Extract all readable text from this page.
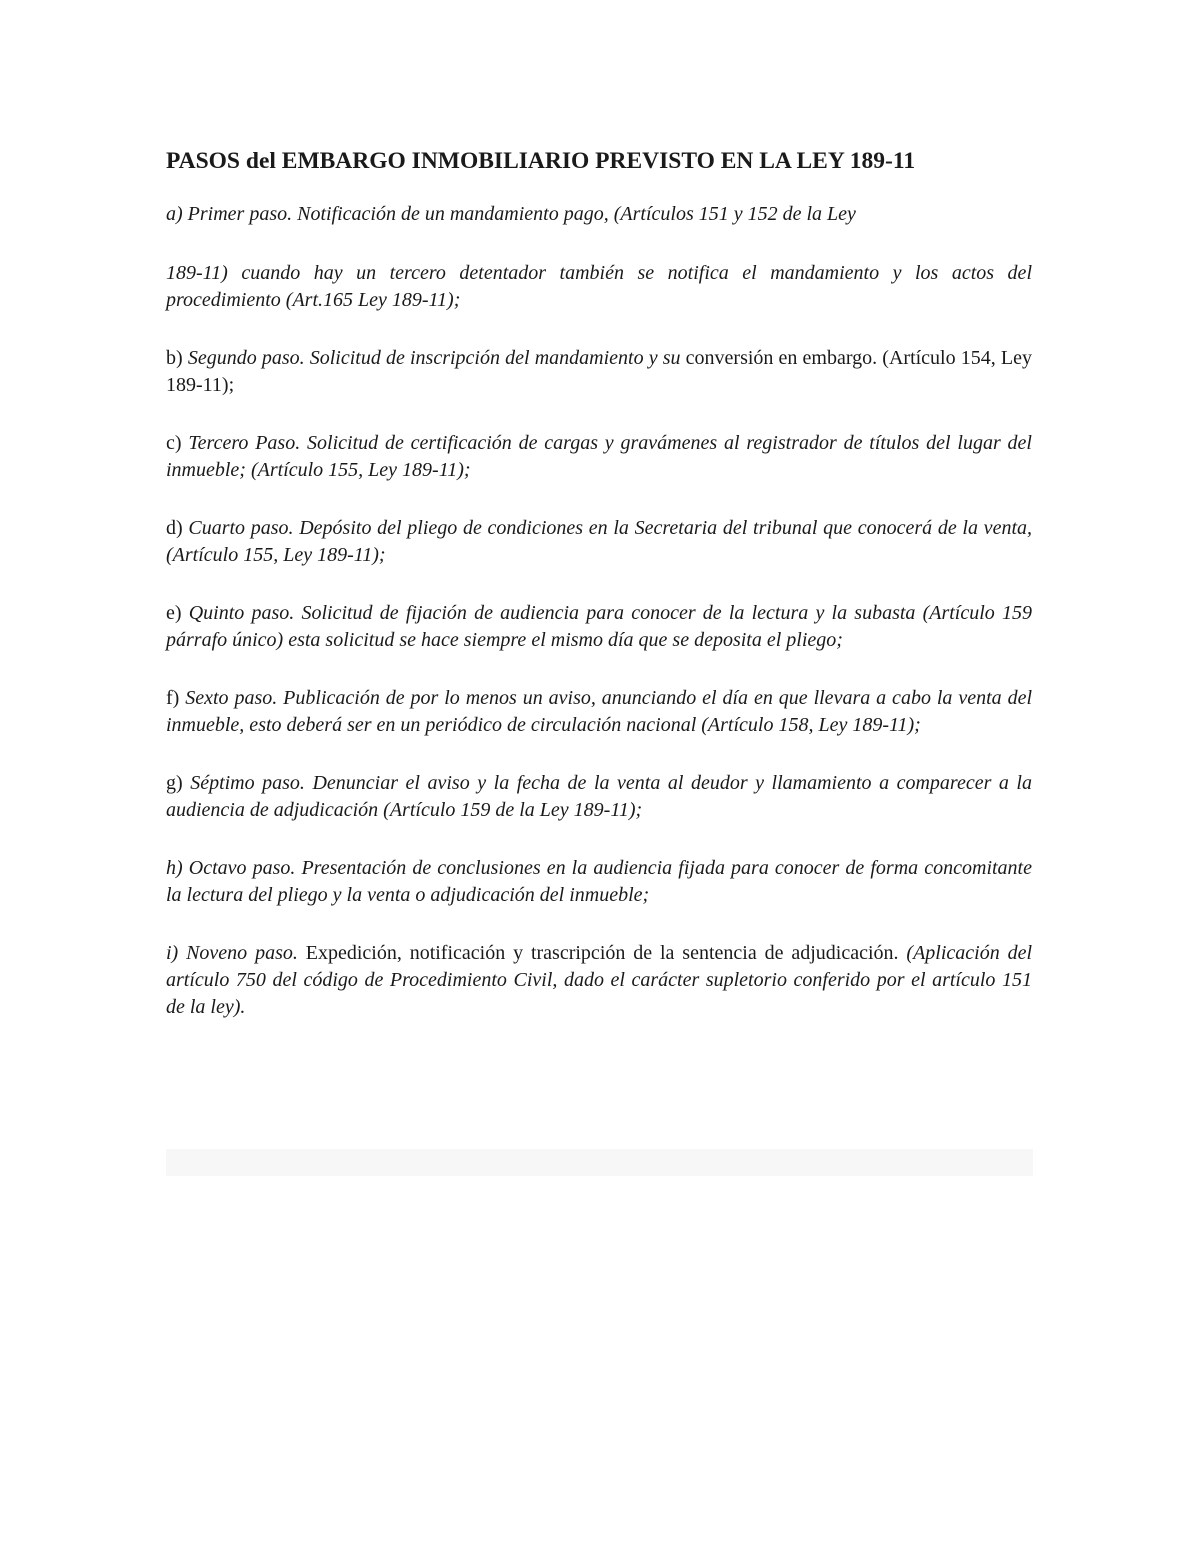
PASOS del EMBARGO INMOBILIARIO PREVISTO EN LA LEY 189-11

a) Primer paso. Notificación de un mandamiento pago, (Artículos 151 y 152 de la Ley

189-11) cuando hay un tercero detentador también se notifica el mandamiento y los actos del procedimiento (Art.165 Ley 189-11);

b) Segundo paso. Solicitud de inscripción del mandamiento y su conversión en embargo. (Artículo 154, Ley 189-11);

c) Tercero Paso. Solicitud de certificación de cargas y gravámenes al registrador de títulos del lugar del inmueble; (Artículo 155, Ley 189-11);

d) Cuarto paso. Depósito del pliego de condiciones en la Secretaria del tribunal que conocerá de la venta, (Artículo 155, Ley 189-11);

e) Quinto paso. Solicitud de fijación de audiencia para conocer de la lectura y la subasta (Artículo 159 párrafo único) esta solicitud se hace siempre el mismo día que se deposita el pliego;

f) Sexto paso. Publicación de por lo menos un aviso, anunciando el día en que llevara a cabo la venta del inmueble, esto deberá ser en un periódico de circulación nacional (Artículo 158, Ley 189-11);

g) Séptimo paso. Denunciar el aviso y la fecha de la venta al deudor y llamamiento a comparecer a la audiencia de adjudicación (Artículo 159 de la Ley 189-11);

h) Octavo paso. Presentación de conclusiones en la audiencia fijada para conocer de forma concomitante la lectura del pliego y la venta o adjudicación del inmueble;

i) Noveno paso. Expedición, notificación y trascripción de la sentencia de adjudicación. (Aplicación del artículo 750 del código de Procedimiento Civil, dado el carácter supletorio conferido por el artículo 151 de la ley).
